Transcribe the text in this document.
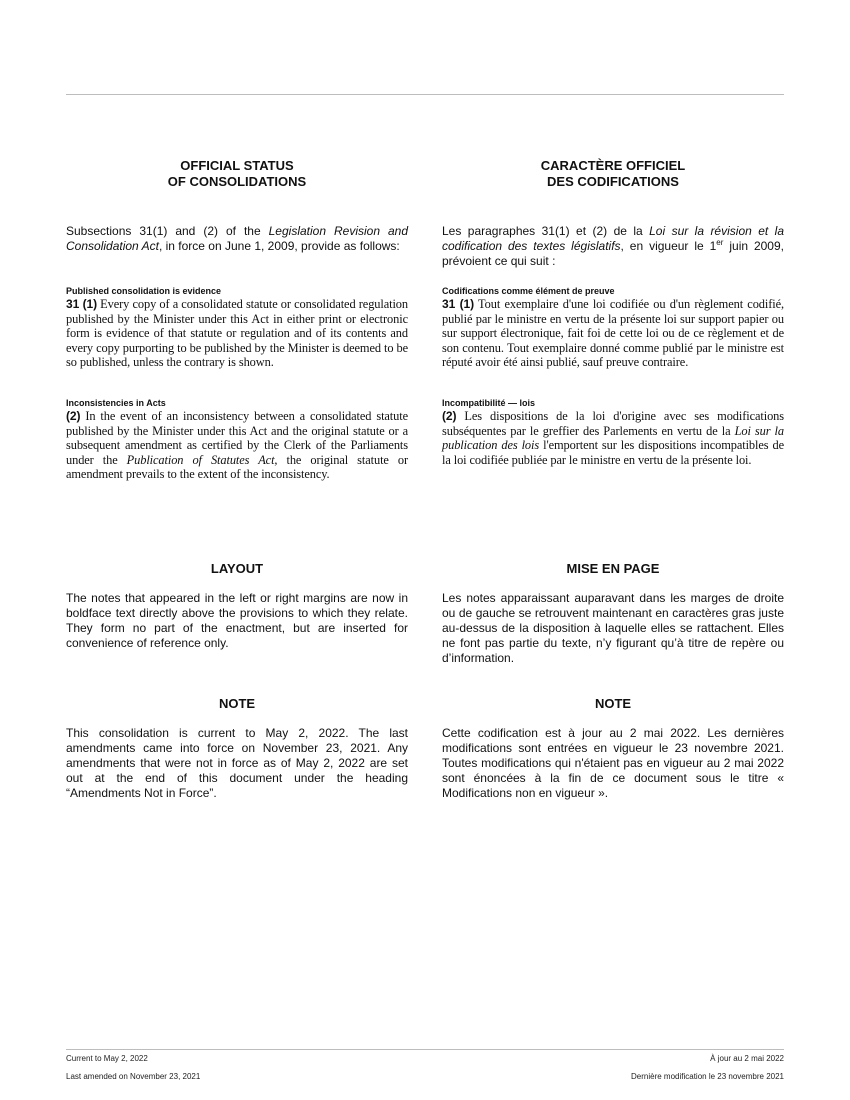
OFFICIAL STATUS
OF CONSOLIDATIONS
Subsections 31(1) and (2) of the Legislation Revision and Consolidation Act, in force on June 1, 2009, provide as follows:
Published consolidation is evidence
31 (1) Every copy of a consolidated statute or consolidated regulation published by the Minister under this Act in either print or electronic form is evidence of that statute or regulation and of its contents and every copy purporting to be published by the Minister is deemed to be so published, unless the contrary is shown.
Inconsistencies in Acts
(2) In the event of an inconsistency between a consolidated statute published by the Minister under this Act and the original statute or a subsequent amendment as certified by the Clerk of the Parliaments under the Publication of Statutes Act, the original statute or amendment prevails to the extent of the inconsistency.
LAYOUT
The notes that appeared in the left or right margins are now in boldface text directly above the provisions to which they relate. They form no part of the enactment, but are inserted for convenience of reference only.
NOTE
This consolidation is current to May 2, 2022. The last amendments came into force on November 23, 2021. Any amendments that were not in force as of May 2, 2022 are set out at the end of this document under the heading “Amendments Not in Force”.
CARACTÈRE OFFICIEL
DES CODIFICATIONS
Les paragraphes 31(1) et (2) de la Loi sur la révision et la codification des textes législatifs, en vigueur le 1er juin 2009, prévoient ce qui suit :
Codifications comme élément de preuve
31 (1) Tout exemplaire d'une loi codifiée ou d'un règlement codifié, publié par le ministre en vertu de la présente loi sur support papier ou sur support électronique, fait foi de cette loi ou de ce règlement et de son contenu. Tout exemplaire donné comme publié par le ministre est réputé avoir été ainsi publié, sauf preuve contraire.
Incompatibilité — lois
(2) Les dispositions de la loi d'origine avec ses modifications subséquentes par le greffier des Parlements en vertu de la Loi sur la publication des lois l'emportent sur les dispositions incompatibles de la loi codifiée publiée par le ministre en vertu de la présente loi.
MISE EN PAGE
Les notes apparaissant auparavant dans les marges de droite ou de gauche se retrouvent maintenant en caractères gras juste au-dessus de la disposition à laquelle elles se rattachent. Elles ne font pas partie du texte, n’y figurant qu’à titre de repère ou d’information.
NOTE
Cette codification est à jour au 2 mai 2022. Les dernières modifications sont entrées en vigueur le 23 novembre 2021. Toutes modifications qui n'étaient pas en vigueur au 2 mai 2022 sont énoncées à la fin de ce document sous le titre « Modifications non en vigueur ».
Current to May 2, 2022
Last amended on November 23, 2021
À jour au 2 mai 2022
Dernière modification le 23 novembre 2021
